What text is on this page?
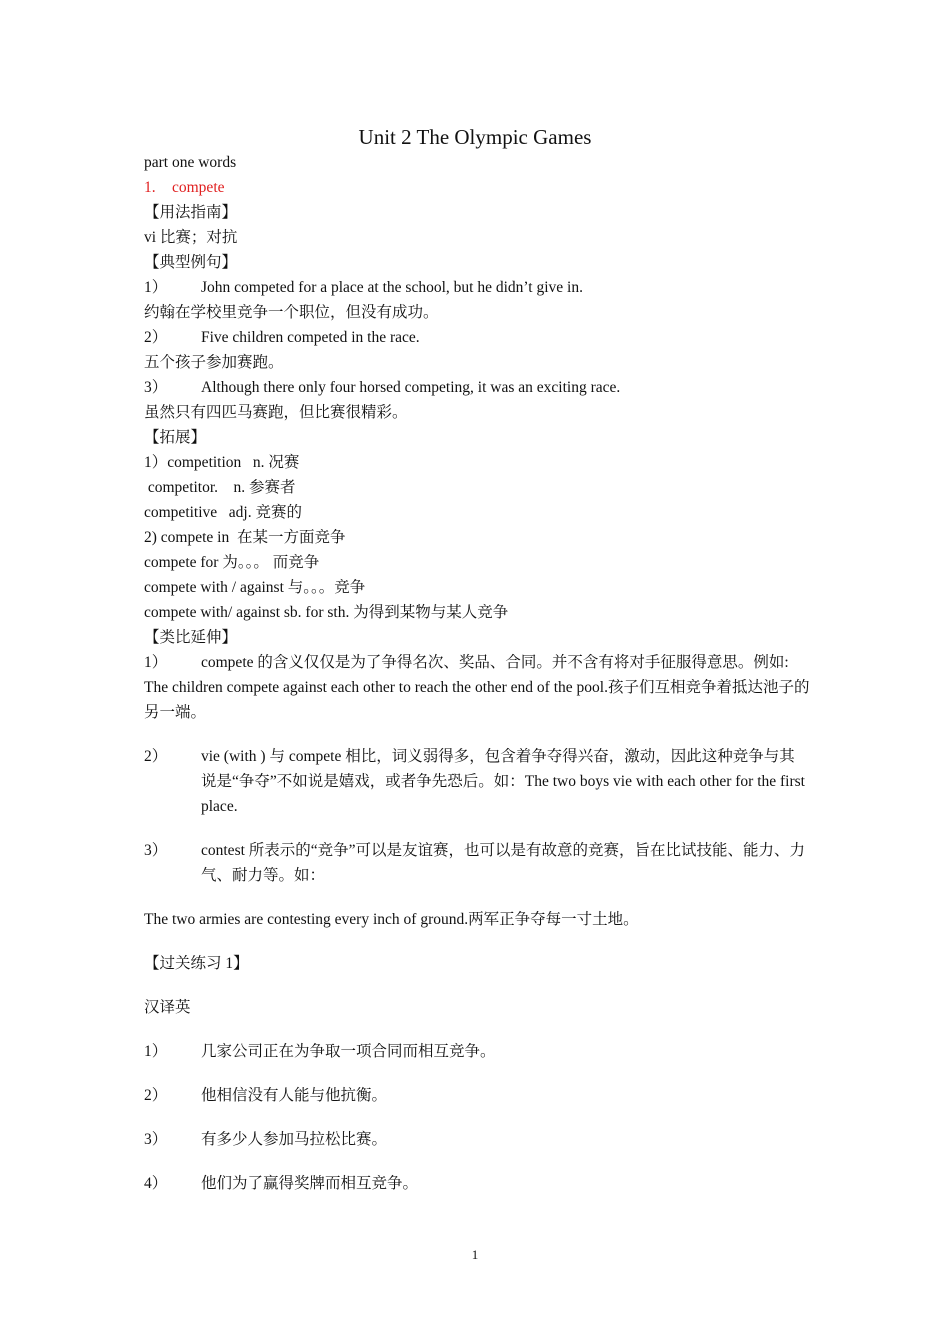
Unit 2 The Olympic Games
part one words
1. compete
【用法指南】
vi 比赛；对抗
【典型例句】
1） John competed for a place at the school, but he didn’t give in.
约翰在学校里竞争一个职位，但没有成功。
2） Five children competed in the race.
五个孩子参加赛跑。
3） Although there only four horsed competing, it was an exciting race.
虽然只有四匹马赛跑，但比赛很精彩。
【拓展】
1）competition   n. 况赛
competitor.    n. 参赛者
competitive   adj. 竞赛的
2) compete in  在某一方面竞争
compete for 为。。。 而竞争
compete with / against 与。。。竞争
compete with/ against sb. for sth. 为得到某物与某人竞争
【类比延伸】
1） compete 的含义仅仅是为了争得名次、奖品、合同。并不含有将对手征服得意思。例如:
The children compete against each other to reach the other end of the pool.孩子们互相竞争着抵达池子的另一端。
2）	vie (with ) 与 compete 相比，词义弱得多，包含着争夺得兴奋，激动，因此这种竞争与其说是“争夺”不如说是嬉戏，或者争先恐后。如：The two boys vie with each other for the first place.
3）	contest 所表示的“竞争”可以是友谊赛，也可以是有故意的竞赛，旨在比试技能、能力、力气、耐力等。如：
The two armies are contesting every inch of ground.两军正争夺每一寸土地。
【过关练习 1】
汉译英
1） 几家公司正在为争取一项合同而相互竞争。
2） 他相信没有人能与他抗衡。
3） 有多少人参加马拉松比赛。
4） 他们为了赢得奖牌而相互竞争。
1
